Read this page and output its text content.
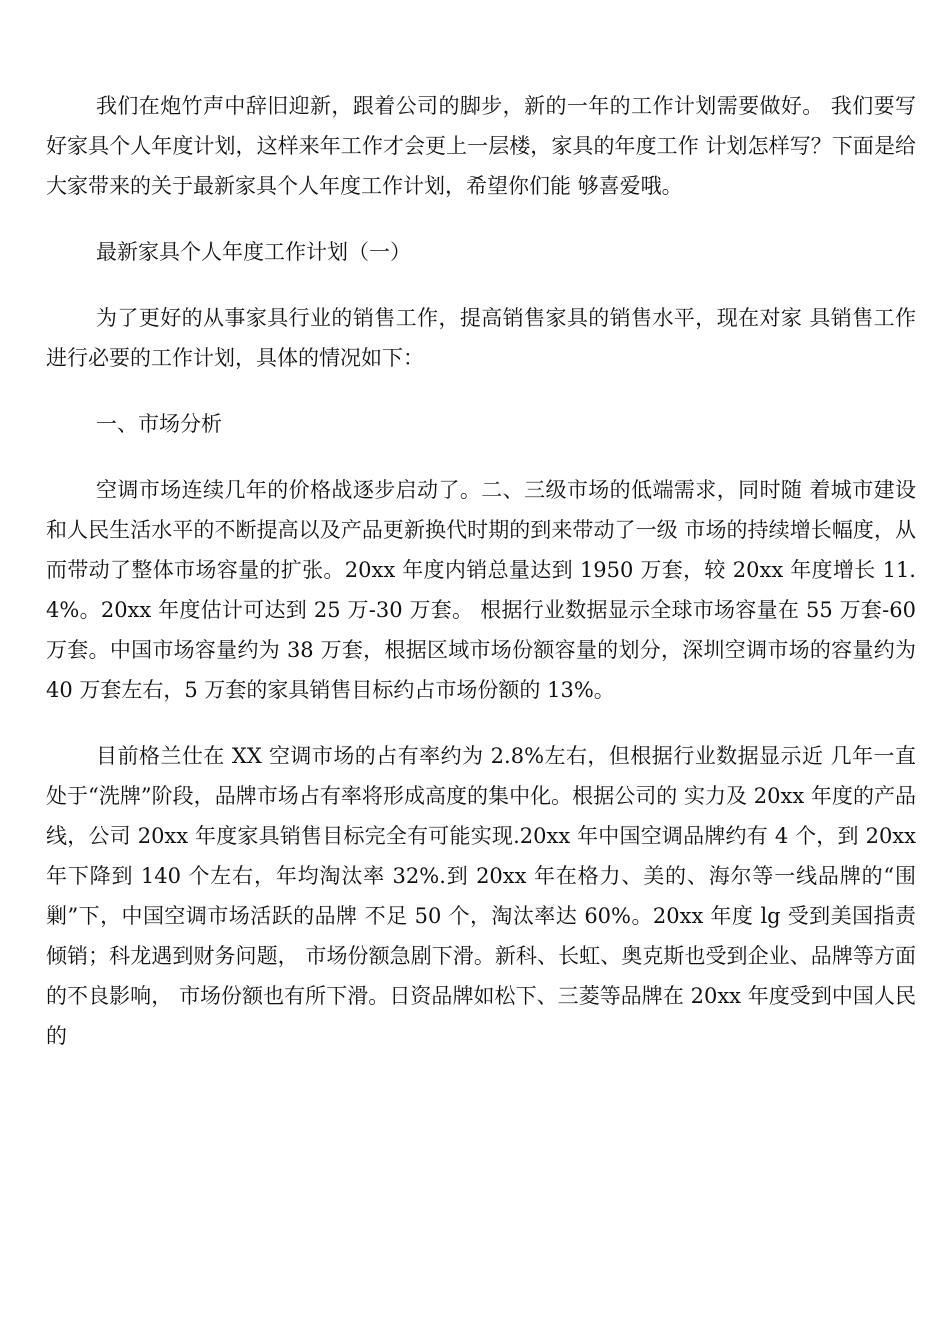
我们在炮竹声中辞旧迎新，跟着公司的脚步，新的一年的工作计划需要做好。 我们要写好家具个人年度计划，这样来年工作才会更上一层楼，家具的年度工作 计划怎样写？下面是给大家带来的关于最新家具个人年度工作计划，希望你们能 够喜爱哦。

最新家具个人年度工作计划（一）

为了更好的从事家具行业的销售工作，提高销售家具的销售水平，现在对家 具销售工作进行必要的工作计划，具体的情况如下：

一、市场分析

空调市场连续几年的价格战逐步启动了。二、三级市场的低端需求，同时随 着城市建设和人民生活水平的不断提高以及产品更新换代时期的到来带动了一级 市场的持续增长幅度，从而带动了整体市场容量的扩张。20xx 年度内销总量达到 1950 万套，较 20xx 年度增长 11.4%。20xx 年度估计可达到 25 万-30 万套。 根据行业数据显示全球市场容量在 55 万套-60 万套。中国市场容量约为 38 万套，根据区域市场份额容量的划分，深圳空调市场的容量约为 40 万套左右，5 万套的家具销售目标约占市场份额的 13%。

目前格兰仕在 XX 空调市场的占有率约为 2.8%左右，但根据行业数据显示近 几年一直处于“洗牌”阶段，品牌市场占有率将形成高度的集中化。根据公司的 实力及 20xx 年度的产品线，公司 20xx 年度家具销售目标完全有可能实现.20xx 年中国空调品牌约有 4 个，到 20xx 年下降到 140 个左右，年均淘汰率 32%.到 20xx 年在格力、美的、海尔等一线品牌的“围剿”下，中国空调市场活跃的品牌 不足 50 个，淘汰率达 60%。20xx 年度 lg 受到美国指责倾销；科龙遇到财务问题， 市场份额急剧下滑。新科、长虹、奥克斯也受到企业、品牌等方面的不良影响， 市场份额也有所下滑。日资品牌如松下、三菱等品牌在 20xx 年度受到中国人民的
